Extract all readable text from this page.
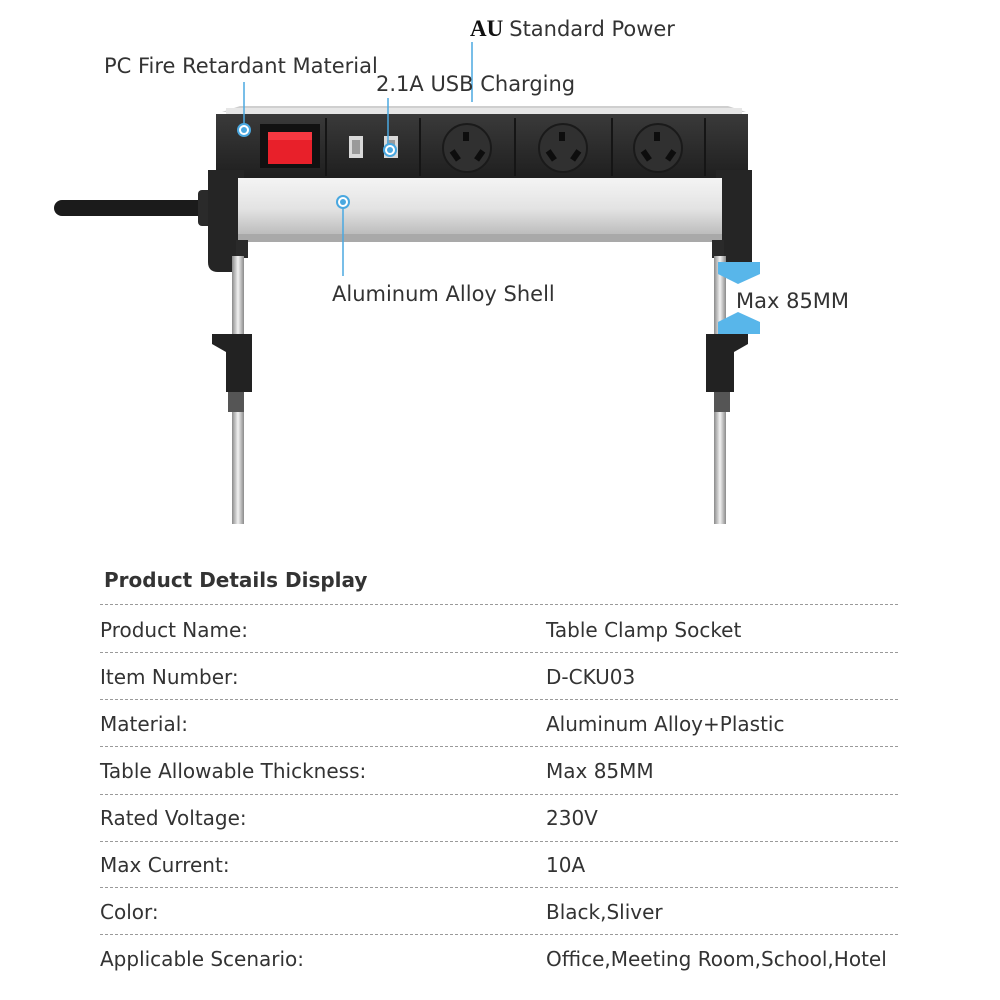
AU Standard Power
PC Fire Retardant Material
2.1A USB Charging
Aluminum Alloy Shell	Max 85MM
Product Details Display
Product Name:	Table Clamp Socket
Item Number:	D-CKU03
Material:	Aluminum Alloy+Plastic
Table Allowable Thickness:	Max 85MM
Rated Voltage:	230V
Max Current:	10A
Color:	Black,Sliver
Applicable Scenario:	Office,Meeting Room,School,Hotel
